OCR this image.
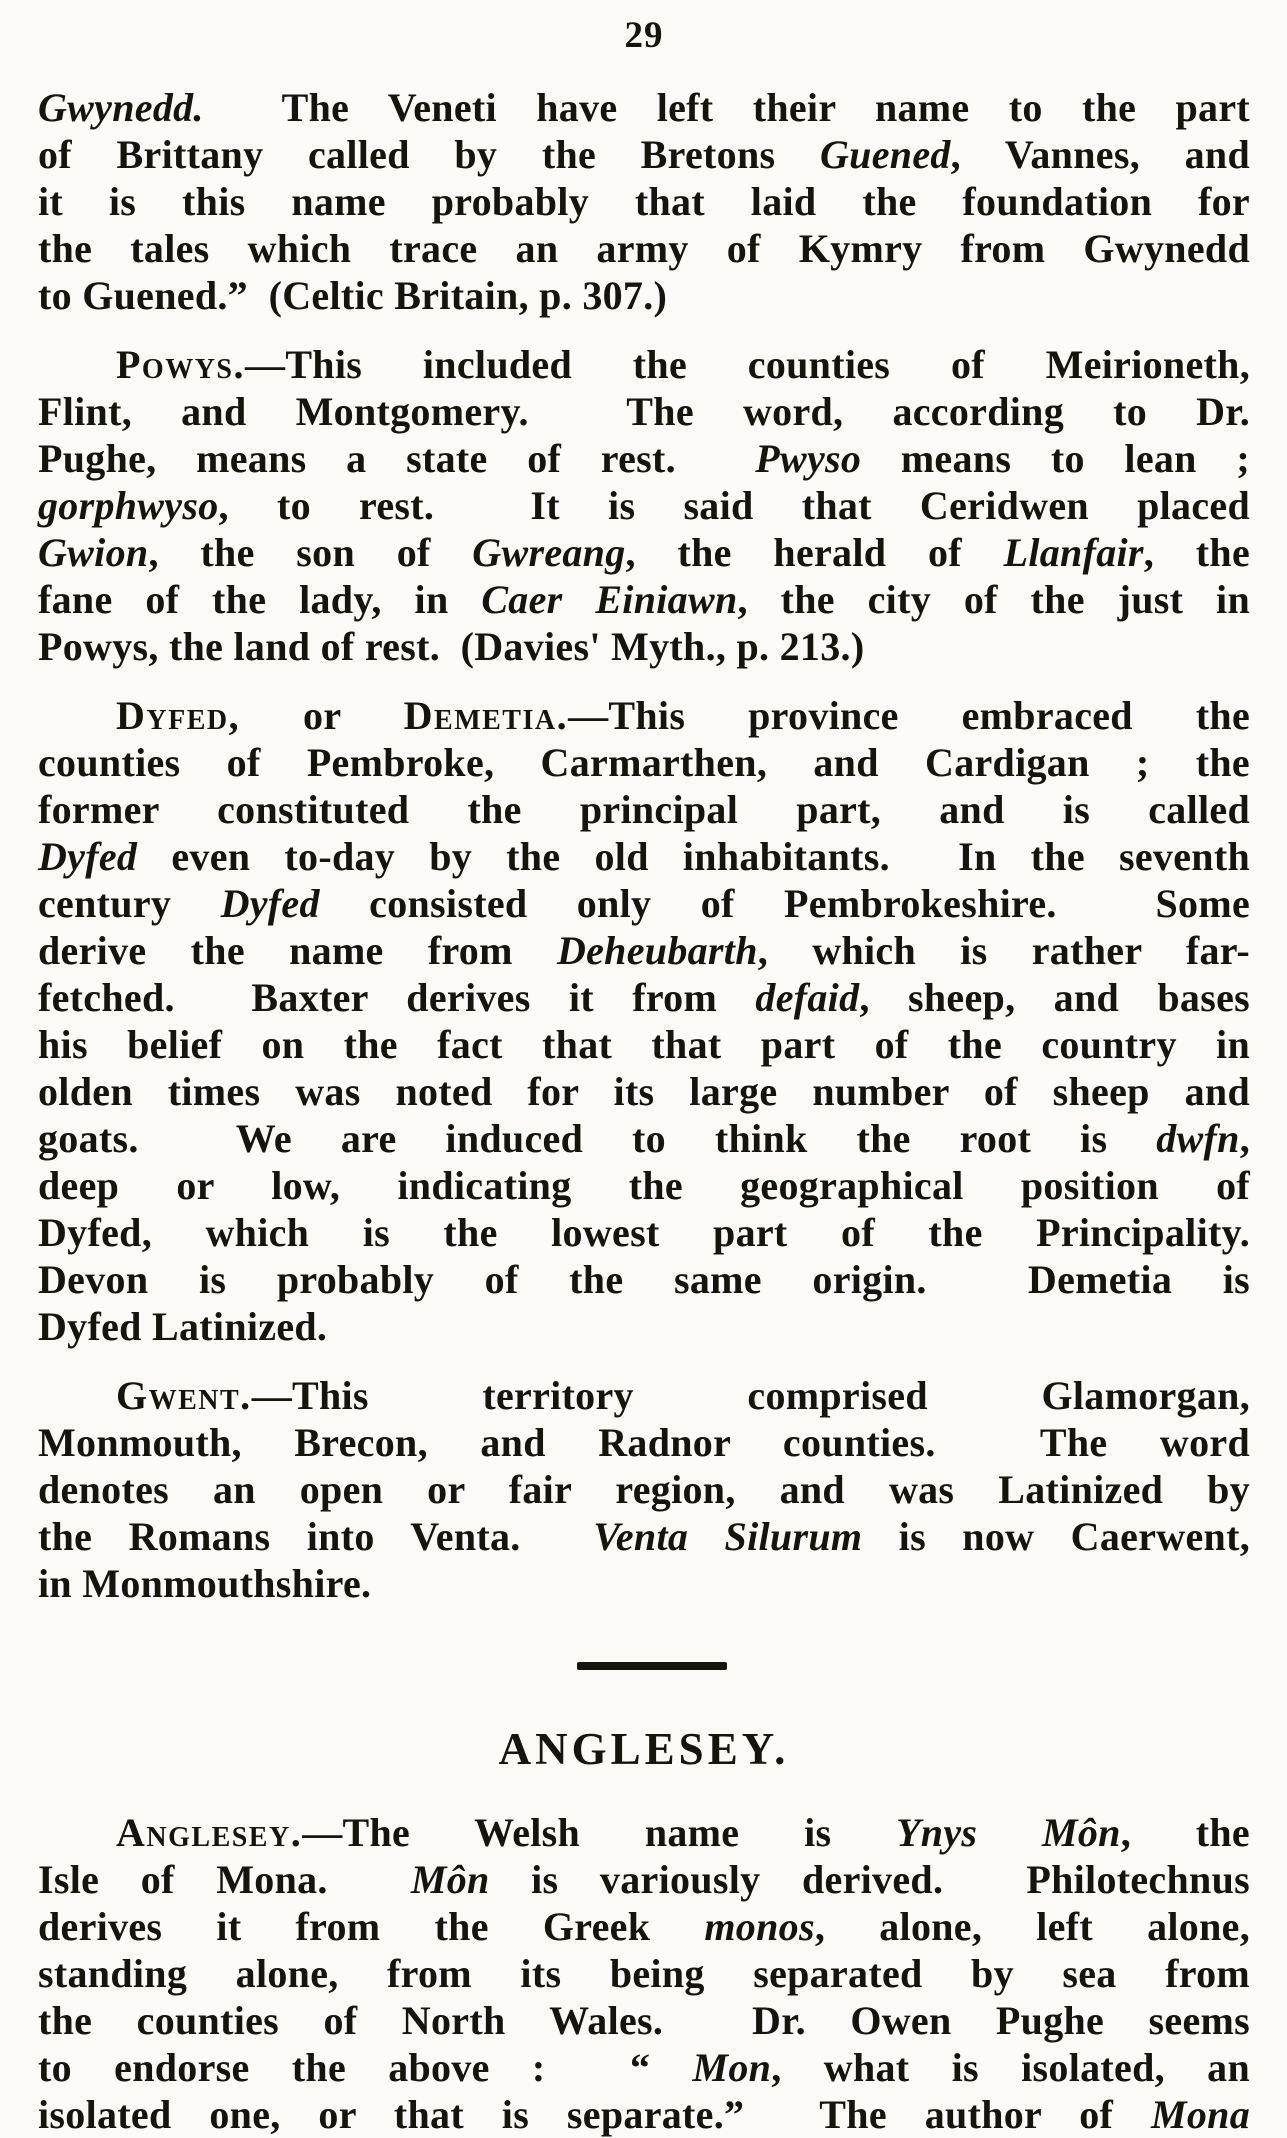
29
Gwynedd.  The Veneti have left their name to the part
of Brittany called by the Bretons Guened, Vannes, and
it is this name probably that laid the foundation for
the tales which trace an army of Kymry from Gwynedd
to Guened.”  (Celtic Britain, p. 307.)
Powys.—This included the counties of Meirioneth,
Flint, and Montgomery.  The word, according to Dr.
Pughe, means a state of rest.  Pwyso means to lean ;
gorphwyso, to rest.  It is said that Ceridwen placed
Gwion, the son of Gwreang, the herald of Llanfair, the
fane of the lady, in Caer Einiawn, the city of the just in
Powys, the land of rest.  (Davies' Myth., p. 213.)
Dyfed, or Demetia.—This province embraced the
counties of Pembroke, Carmarthen, and Cardigan ; the
former constituted the principal part, and is called
Dyfed even to-day by the old inhabitants.  In the seventh
century Dyfed consisted only of Pembrokeshire.  Some
derive the name from Deheubarth, which is rather far-
fetched.  Baxter derives it from defaid, sheep, and bases
his belief on the fact that that part of the country in
olden times was noted for its large number of sheep and
goats.  We are induced to think the root is dwfn,
deep or low, indicating the geographical position of
Dyfed, which is the lowest part of the Principality.
Devon is probably of the same origin.  Demetia is
Dyfed Latinized.
Gwent.—This territory comprised Glamorgan,
Monmouth, Brecon, and Radnor counties.  The word
denotes an open or fair region, and was Latinized by
the Romans into Venta.  Venta Silurum is now Caerwent,
in Monmouthshire.
ANGLESEY.
Anglesey.—The Welsh name is Ynys Môn, the
Isle of Mona.  Môn is variously derived.  Philotechnus
derives it from the Greek monos, alone, left alone,
standing alone, from its being separated by sea from
the counties of North Wales.  Dr. Owen Pughe seems
to endorse the above :  “ Mon, what is isolated, an
isolated one, or that is separate.”  The author of Mona
